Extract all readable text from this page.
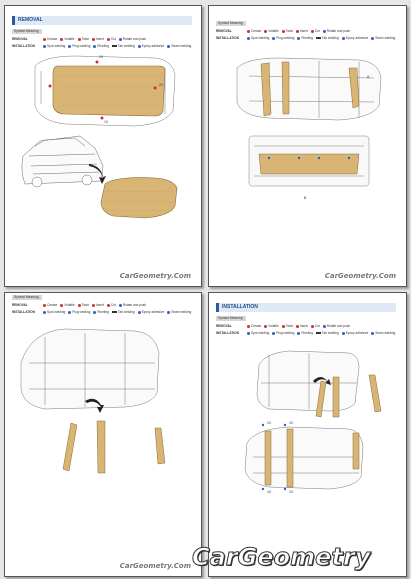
REMOVAL
Symbol Meaning
REMOVAL	Crease Volatile Twist Insert Cut Rotate and push
INSTALLATION	Spot welding Plug welding Riveting	Tab welding Epoxy adhesive Seam welding
10
20
10
CarGeometry.Com
Symbol Meaning
REMOVAL	Crease Volatile Twist Insert Cut Rotate and push
INSTALLATION	Spot welding Plug welding Riveting	Tab welding Epoxy adhesive Seam welding
A
B
CarGeometry.Com
Symbol Meaning
REMOVAL	Crease Volatile Twist Insert Cut Rotate and push
INSTALLATION	Spot welding Plug welding Riveting	Tab welding Epoxy adhesive Seam welding
CarGeometry.Com
INSTALLATION
Symbol Meaning
REMOVAL	Crease Volatile Twist Insert Cut Rotate and push
INSTALLATION	Spot welding Plug welding Riveting	Tab welding Epoxy adhesive Seam welding
10	10
10	10
CarGeometry
